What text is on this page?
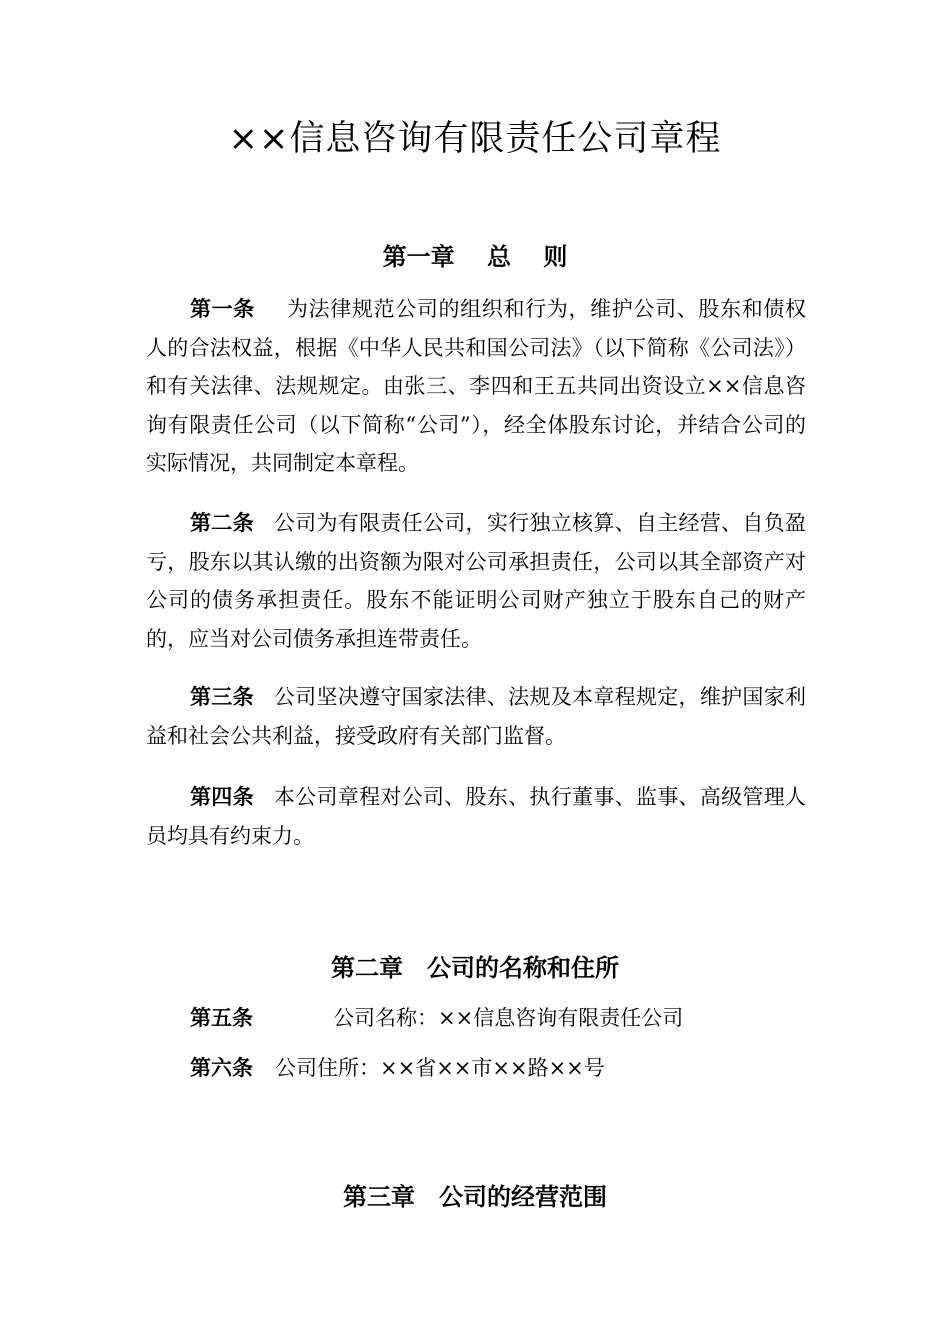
××信息咨询有限责任公司章程
第一章　 总　 则

第一条 为法律规范公司的组织和行为，维护公司、股东和债权人的合法权益，根据《中华人民共和国公司法》（以下简称《公司法》）和有关法律、法规规定。由张三、李四和王五共同出资设立××信息咨询有限责任公司（以下简称“公司”），经全体股东讨论，并结合公司的实际情况，共同制定本章程。

第二条 公司为有限责任公司，实行独立核算、自主经营、自负盈亏，股东以其认缴的出资额为限对公司承担责任，公司以其全部资产对公司的债务承担责任。股东不能证明公司财产独立于股东自己的财产的，应当对公司债务承担连带责任。

第三条 公司坚决遵守国家法律、法规及本章程规定，维护国家利益和社会公共利益，接受政府有关部门监督。

第四条 本公司章程对公司、股东、执行董事、监事、高级管理人员均具有约束力。

第二章　公司的名称和住所

第五条	公司名称：××信息咨询有限责任公司

第六条 公司住所：××省××市××路××号

第三章　公司的经营范围
